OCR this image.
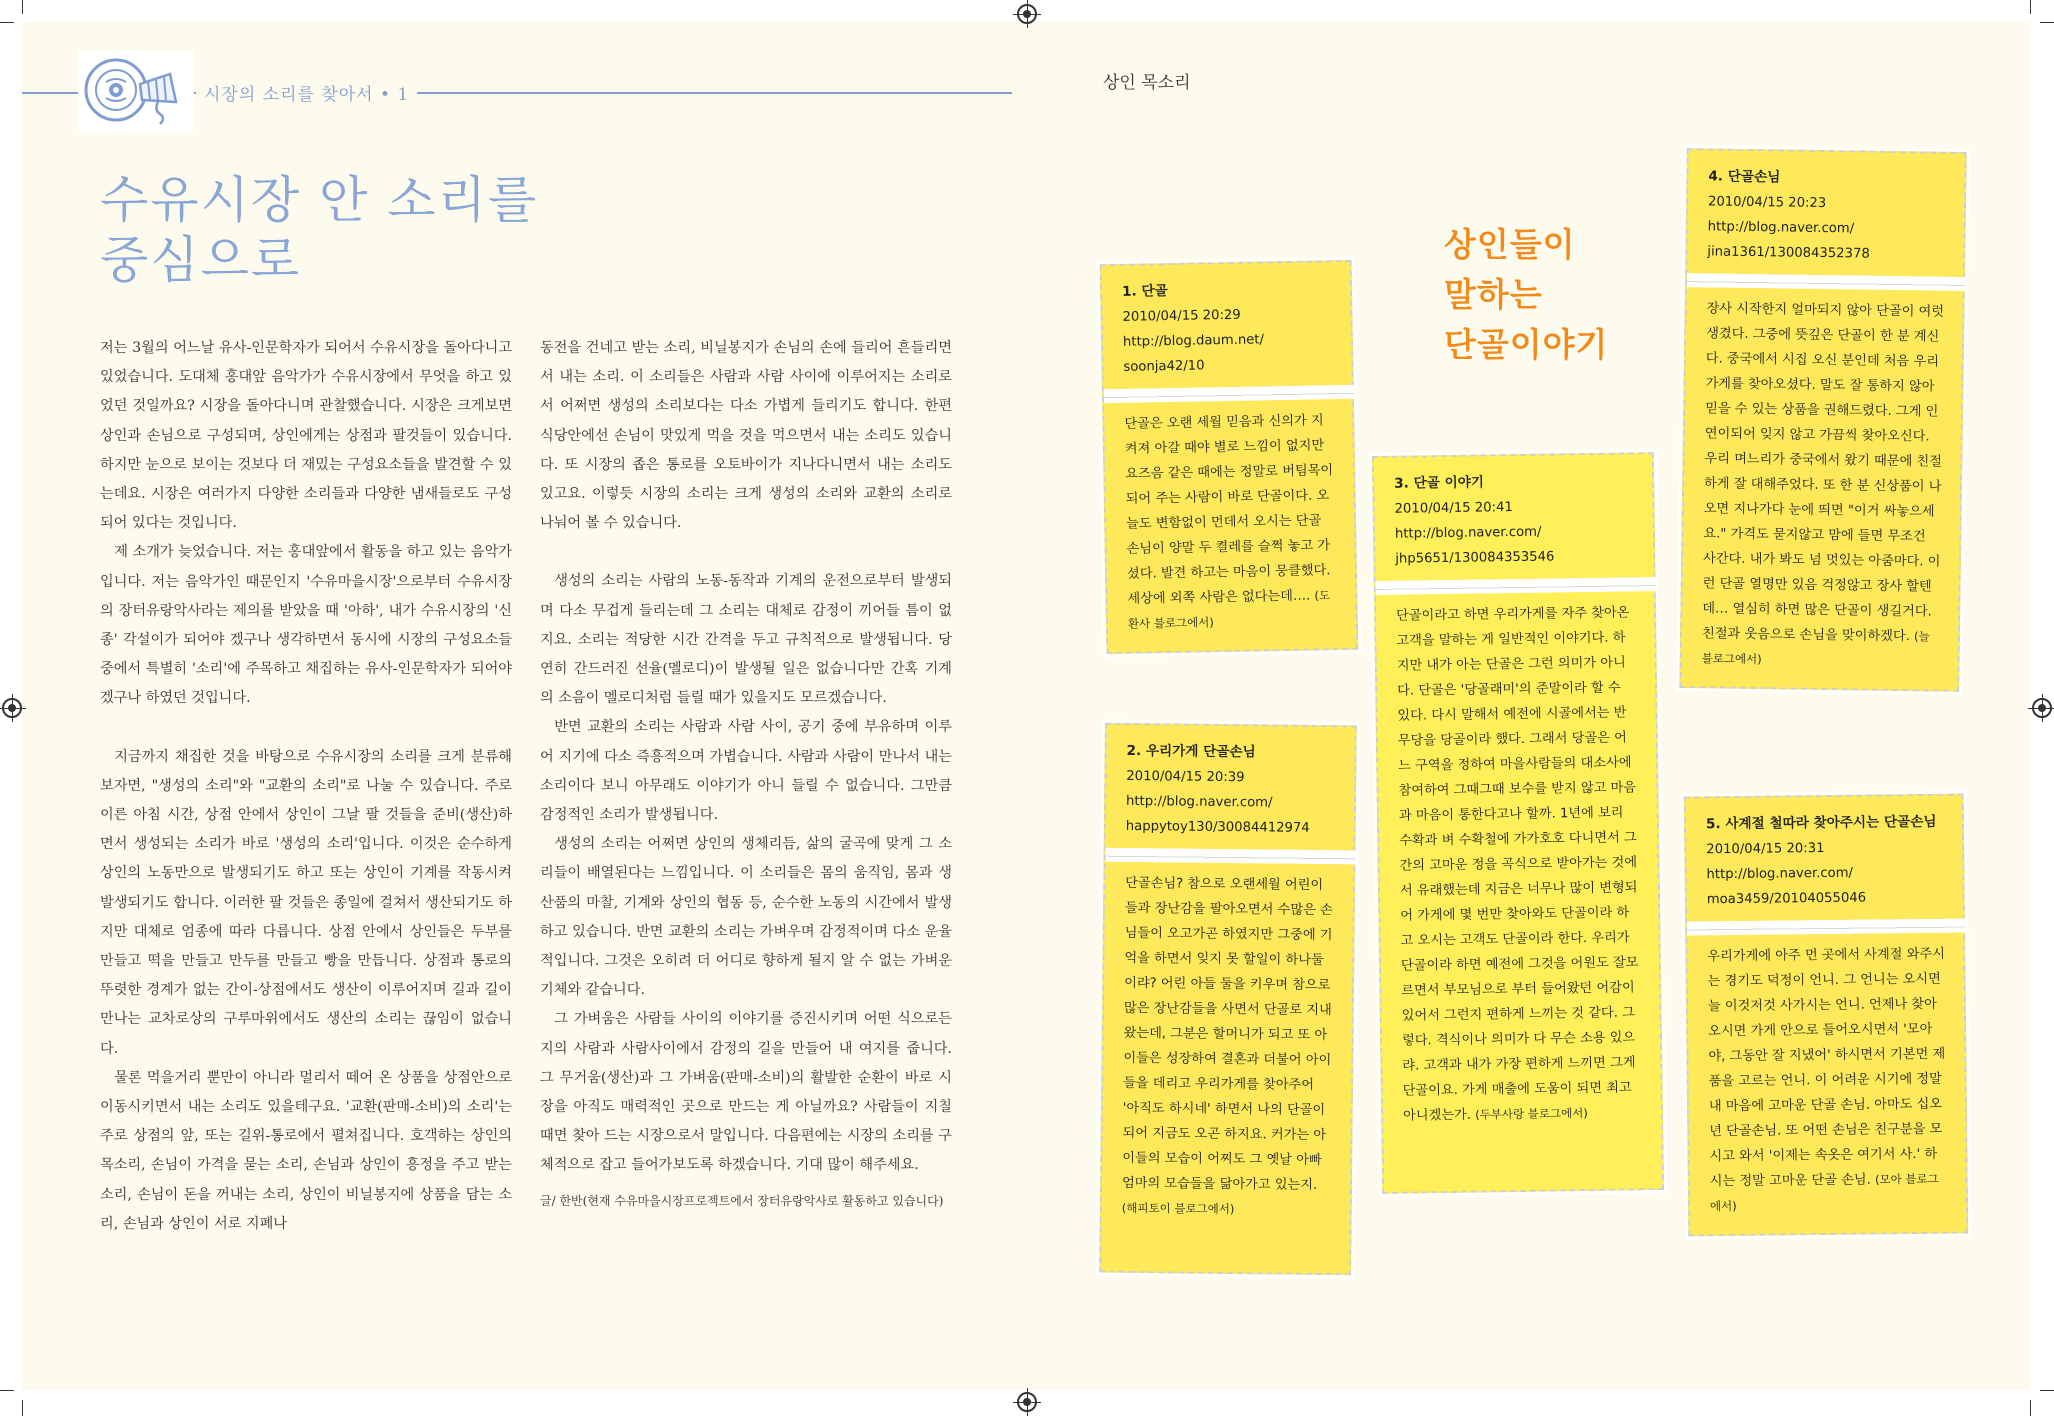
시장의 소리를 찾아서 • 1
상인 목소리
수유시장 안 소리를
중심으로

저는 3월의 어느날 유사-인문학자가 되어서 수유시장을 돌아다니고 있었습니다. 도대체 홍대앞 음악가가 수유시장에서 무엇을 하고 있었던 것일까요? 시장을 돌아다니며 관찰했습니다. 시장은 크게보면 상인과 손님으로 구성되며, 상인에게는 상점과 팔것들이 있습니다. 하지만 눈으로 보이는 것보다 더 재밌는 구성요소들을 발견할 수 있는데요. 시장은 여러가지 다양한 소리들과 다양한 냄새들로도 구성되어 있다는 것입니다.

제 소개가 늦었습니다. 저는 홍대앞에서 활동을 하고 있는 음악가입니다. 저는 음악가인 때문인지 '수유마을시장'으로부터 수유시장의 장터유랑악사라는 제의를 받았을 때 '아하', 내가 수유시장의 '신종' 각설이가 되어야 겠구나 생각하면서 동시에 시장의 구성요소들 중에서 특별히 '소리'에 주목하고 채집하는 유사-인문학자가 되어야겠구나 하였던 것입니다.

지금까지 채집한 것을 바탕으로 수유시장의 소리를 크게 분류해 보자면, "생성의 소리"와 "교환의 소리"로 나눌 수 있습니다. 주로 이른 아침 시간, 상점 안에서 상인이 그날 팔 것들을 준비(생산)하면서 생성되는 소리가 바로 '생성의 소리'입니다. 이것은 순수하게 상인의 노동만으로 발생되기도 하고 또는 상인이 기계를 작동시켜 발생되기도 합니다. 이러한 팔 것들은 종일에 걸쳐서 생산되기도 하지만 대체로 엄종에 따라 다릅니다. 상점 안에서 상인들은 두부를 만들고 떡을 만들고 만두를 만들고 빵을 만듭니다. 상점과 통로의 뚜렷한 경계가 없는 간이-상점에서도 생산이 이루어지며 길과 길이 만나는 교차로상의 구루마위에서도 생산의 소리는 끊임이 없습니다.

물론 먹을거리 뿐만이 아니라 멀리서 떼어 온 상품을 상점안으로 이동시키면서 내는 소리도 있을테구요. '교환(판매-소비)의 소리'는 주로 상점의 앞, 또는 길위-통로에서 펼쳐집니다. 호객하는 상인의 목소리, 손님이 가격을 묻는 소리, 손님과 상인이 흥정을 주고 받는 소리, 손님이 돈을 꺼내는 소리, 상인이 비닐봉지에 상품을 담는 소리, 손님과 상인이 서로 지폐나

동전을 건네고 받는 소리, 비닐봉지가 손님의 손에 들리어 흔들리면서 내는 소리. 이 소리들은 사람과 사람 사이에 이루어지는 소리로서 어쩌면 생성의 소리보다는 다소 가볍게 들리기도 합니다. 한편 식당안에선 손님이 맛있게 먹을 것을 먹으면서 내는 소리도 있습니다. 또 시장의 좁은 통로를 오토바이가 지나다니면서 내는 소리도 있고요. 이렇듯 시장의 소리는 크게 생성의 소리와 교환의 소리로 나눠어 볼 수 있습니다.

생성의 소리는 사람의 노동-동작과 기계의 운전으로부터 발생되며 다소 무겁게 들리는데 그 소리는 대체로 감정이 끼어들 틈이 없지요. 소리는 적당한 시간 간격을 두고 규칙적으로 발생됩니다. 당연히 간드러진 선율(멜로디)이 발생될 일은 없습니다만 간혹 기계의 소음이 멜로디처럼 들릴 때가 있을지도 모르겠습니다.

반면 교환의 소리는 사람과 사람 사이, 공기 중에 부유하며 이루어 지기에 다소 즉흥적으며 가볍습니다. 사람과 사람이 만나서 내는 소리이다 보니 아무래도 이야기가 아니 들릴 수 없습니다. 그만큼 감정적인 소리가 발생됩니다.

생성의 소리는 어쩌면 상인의 생체리듬, 삶의 굴곡에 맞게 그 소리들이 배열된다는 느낌입니다. 이 소리들은 몸의 움직임, 몸과 생산품의 마찰, 기계와 상인의 협동 등, 순수한 노동의 시간에서 발생하고 있습니다. 반면 교환의 소리는 가벼우며 감정적이며 다소 운율적입니다. 그것은 오히려 더 어디로 향하게 될지 알 수 없는 가벼운 기체와 같습니다.

그 가벼움은 사람들 사이의 이야기를 증진시키며 어떤 식으로든지의 사람과 사람사이에서 감정의 길을 만들어 내 여지를 줍니다. 그 무거움(생산)과 그 가벼움(판매-소비)의 활발한 순환이 바로 시장을 아직도 매력적인 곳으로 만드는 게 아닐까요? 사람들이 지칠때면 찾아 드는 시장으로서 말입니다. 다음편에는 시장의 소리를 구체적으로 잡고 들어가보도록 하겠습니다. 기대 많이 해주세요.

글/ 한반(현재 수유마을시장프로젝트에서 장터유랑악사로 활동하고 있습니다)

상인들이
말하는
단골이야기
1. 단골
2010/04/15 20:29
http://blog.daum.net/
soonja42/10
단골은 오랜 세월 믿음과 신의가 지켜져 아갈 때야 별로 느낌이 없지만 요즈음 같은 때에는 정말로 버팀목이 되어 주는 사람이 바로 단골이다. 오늘도 변함없이 먼데서 오시는 단골 손님이 양말 두 켤레를 슬쩍 놓고 가셨다. 발견 하고는 마음이 뭉클했다. 세상에 외쪽 사람은 없다는데…. (도환사 블로그에서)
2. 우리가게 단골손님
2010/04/15 20:39
http://blog.naver.com/
happytoy130/30084412974
단골손님? 참으로 오랜세월 어린이들과 장난감을 팔아오면서 수많은 손님들이 오고가곤 하였지만 그중에 기억을 하면서 잊지 못 할일이 하나둘이랴? 어린 아들 둘을 키우며 참으로 많은 장난감들을 사면서 단골로 지내왔는데, 그분은 할머니가 되고 또 아이들은 성장하여 결혼과 더불어 아이들을 데리고 우리가게를 찾아주어 '아직도 하시네' 하면서 나의 단골이 되어 지금도 오곤 하지요. 커가는 아이들의 모습이 어찌도 그 옛날 아빠 엄마의 모습들을 닮아가고 있는지. (해피토이 블로그에서)
3. 단골 이야기
2010/04/15 20:41
http://blog.naver.com/
jhp5651/130084353546
단골이라고 하면 우리가게를 자주 찾아온 고객을 말하는 게 일반적인 이야기다. 하지만 내가 아는 단골은 그런 의미가 아니다. 단골은 '당골래미'의 준말이라 할 수 있다. 다시 말해서 예전에 시골에서는 반무당을 당골이라 했다. 그래서 당골은 어느 구역을 정하여 마을사람들의 대소사에 참여하여 그때그때 보수를 받지 않고 마음과 마음이 통한다고나 할까. 1년에 보리 수확과 벼 수확철에 가가호호 다니면서 그간의 고마운 정을 곡식으로 받아가는 것에서 유래했는데 지금은 너무나 많이 변형되어 가게에 몇 번만 찾아와도 단골이라 하고 오시는 고객도 단골이라 한다. 우리가 단골이라 하면 예전에 그것을 어원도 잘모르면서 부모님으로 부터 들어왔던 어감이 있어서 그런지 편하게 느끼는 것 같다. 그렇다. 격식이나 의미가 다 무슨 소용 있으랴. 고객과 내가 가장 편하게 느끼면 그게 단골이요. 가게 매출에 도움이 되면 최고 아니겠는가. (두부사랑 블로그에서)
4. 단골손님
2010/04/15 20:23
http://blog.naver.com/
jina1361/130084352378
장사 시작한지 얼마되지 않아 단골이 여럿 생겼다. 그중에 뜻깊은 단골이 한 분 계신다. 중국에서 시집 오신 분인데 처음 우리 가게를 찾아오셨다. 말도 잘 통하지 않아 믿을 수 있는 상품을 권해드렸다. 그게 인연이되어 잊지 않고 가끔씩 찾아오신다. 우리 며느리가 중국에서 왔기 때문에 친절하게 잘 대해주었다. 또 한 분 신상품이 나오면 지나가다 눈에 띄면 "이거 싸놓으세요." 가격도 묻지않고 맘에 들면 무조건 사간다. 내가 봐도 넘 멋있는 아줌마다. 이런 단골 열명만 있음 걱정않고 장사 할텐데… 열심히 하면 많은 단골이 생길거다. 친절과 웃음으로 손님을 맞이하겠다. (늘 블로그에서)
5. 사계절 철따라 찾아주시는 단골손님
2010/04/15 20:31
http://blog.naver.com/
moa3459/20104055046
우리가게에 아주 먼 곳에서 사계절 와주시는 경기도 덕정이 언니. 그 언니는 오시면 늘 이것저것 사가시는 언니. 언제나 찾아오시면 가게 안으로 들어오시면서 '모아야, 그동안 잘 지냈어' 하시면서 기본먼 제품을 고르는 언니. 이 어려운 시기에 정말 내 마음에 고마운 단골 손님. 아마도 십오년 단골손님. 또 어떤 손님은 친구분을 모시고 와서 '이제는 속옷은 여기서 사.' 하시는 정말 고마운 단골 손님. (모아 블로그에서)
